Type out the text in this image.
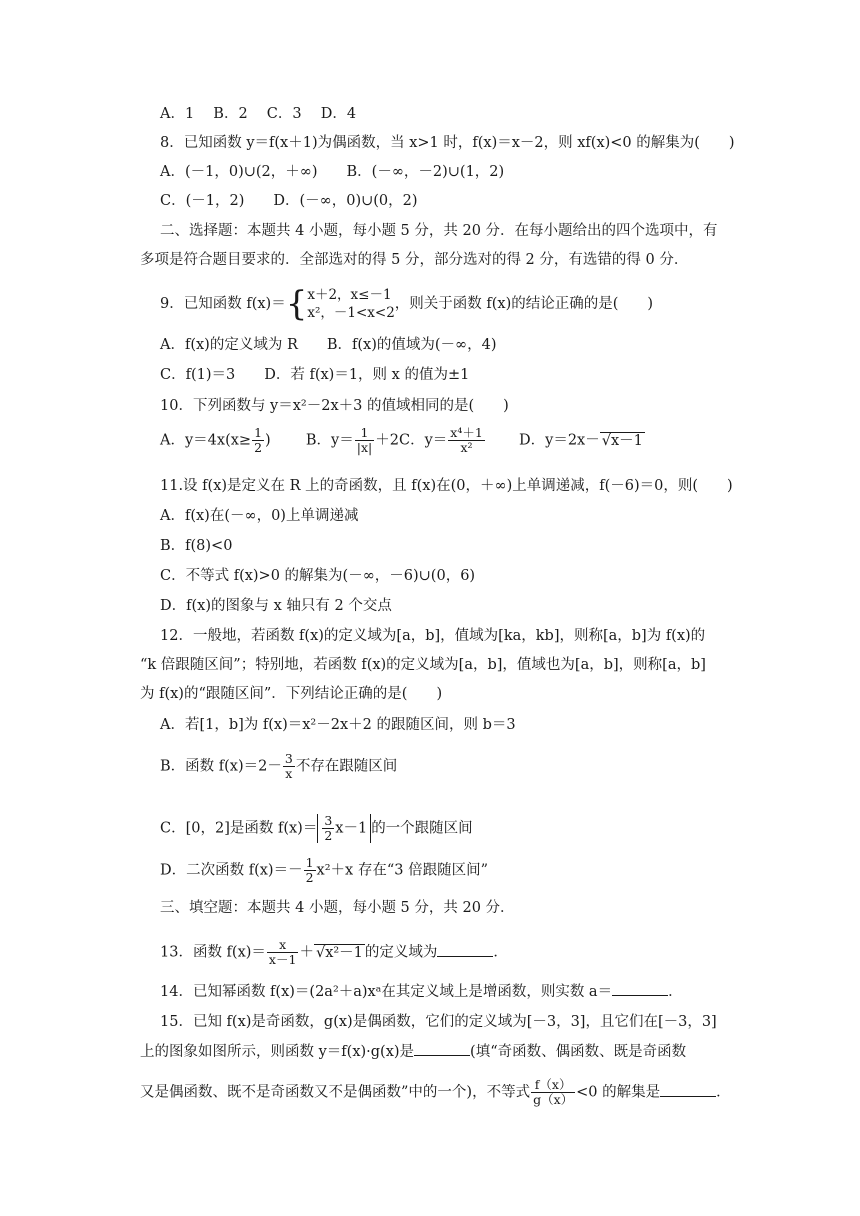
A．1　 B．2　 C．3　 D．4
8．已知函数 y＝f(x＋1)为偶函数，当 x>1 时，f(x)＝x－2，则 xf(x)<0 的解集为(　　)
A．(－1，0)∪(2，＋∞)　　B．(－∞，－2)∪(1，2)
C．(－1，2)　　D．(－∞，0)∪(0，2)
二、选择题：本题共 4 小题，每小题 5 分，共 20 分．在每小题给出的四个选项中，有
多项是符合题目要求的．全部选对的得 5 分，部分选对的得 2 分，有选错的得 0 分．
9．已知函数 f(x)＝{ x＋2，x≤－1
x²，－1<x<2
，则关于函数 f(x)的结论正确的是(　　)
A．f(x)的定义域为 R　　B．f(x)的值域为(－∞，4)
C．f(1)＝3　　D．若 f(x)＝1，则 x 的值为±1
10．下列函数与 y＝x²－2x＋3 的值域相同的是(　　)
A．$y=4x(x\ge \frac{1}{2}$ ) B．$y= \frac{1}{|x|} +2C$．$y= \frac{\text{x⁴＋1}}{\text{x²}}$ D．y＝2x－ √x－1
11.设 f(x)是定义在 R 上的奇函数，且 f(x)在(0，＋∞)上单调递减，f(－6)＝0，则(　　)
A．f(x)在(－∞，0)上单调递减
B．f(8)<0
C．不等式 f(x)>0 的解集为(－∞，－6)∪(0，6)
D．f(x)的图象与 x 轴只有 2 个交点
12．一般地，若函数 f(x)的定义域为[a，b]，值域为[ka，kb]，则称[a，b]为 f(x)的
“k 倍跟随区间”；特别地，若函数 f(x)的定义域为[a，b]，值域也为[a，b]，则称[a，b]
为 f(x)的“跟随区间”．下列结论正确的是(　　)
A．若[1，b]为 f(x)＝x²－2x＋2 的跟随区间，则 b＝3
B．函数 $f(x)=2- \frac{3}{x}$ 不存在跟随区间
C．[0，2]是函数 $f(x)= \frac{3}{2} x-1$ 的一个跟随区间
D．二次函数 $f(x)=- \frac{1}{2} x^2+x$ 存在“3 倍跟随区间”
三、填空题：本题共 4 小题，每小题 5 分，共 20 分．
13．函数 $f(x)= \frac{x}{x-1} + √x^2-1$ 的定义域为	．
14．已知幂函数 f(x)＝(2a²＋a)xᵃ在其定义域上是增函数，则实数 a＝	．
15．已知 f(x)是奇函数，g(x)是偶函数，它们的定义域为[－3，3]，且它们在[－3，3]
上的图象如图所示，则函数 y＝f(x)·g(x)是	(填“奇函数、偶函数、既是奇函数
又是偶函数、既不是奇函数又不是偶函数”中的一个)，不等式 $\frac{f(x)}{g(x)} <0$ 的解集是	．
